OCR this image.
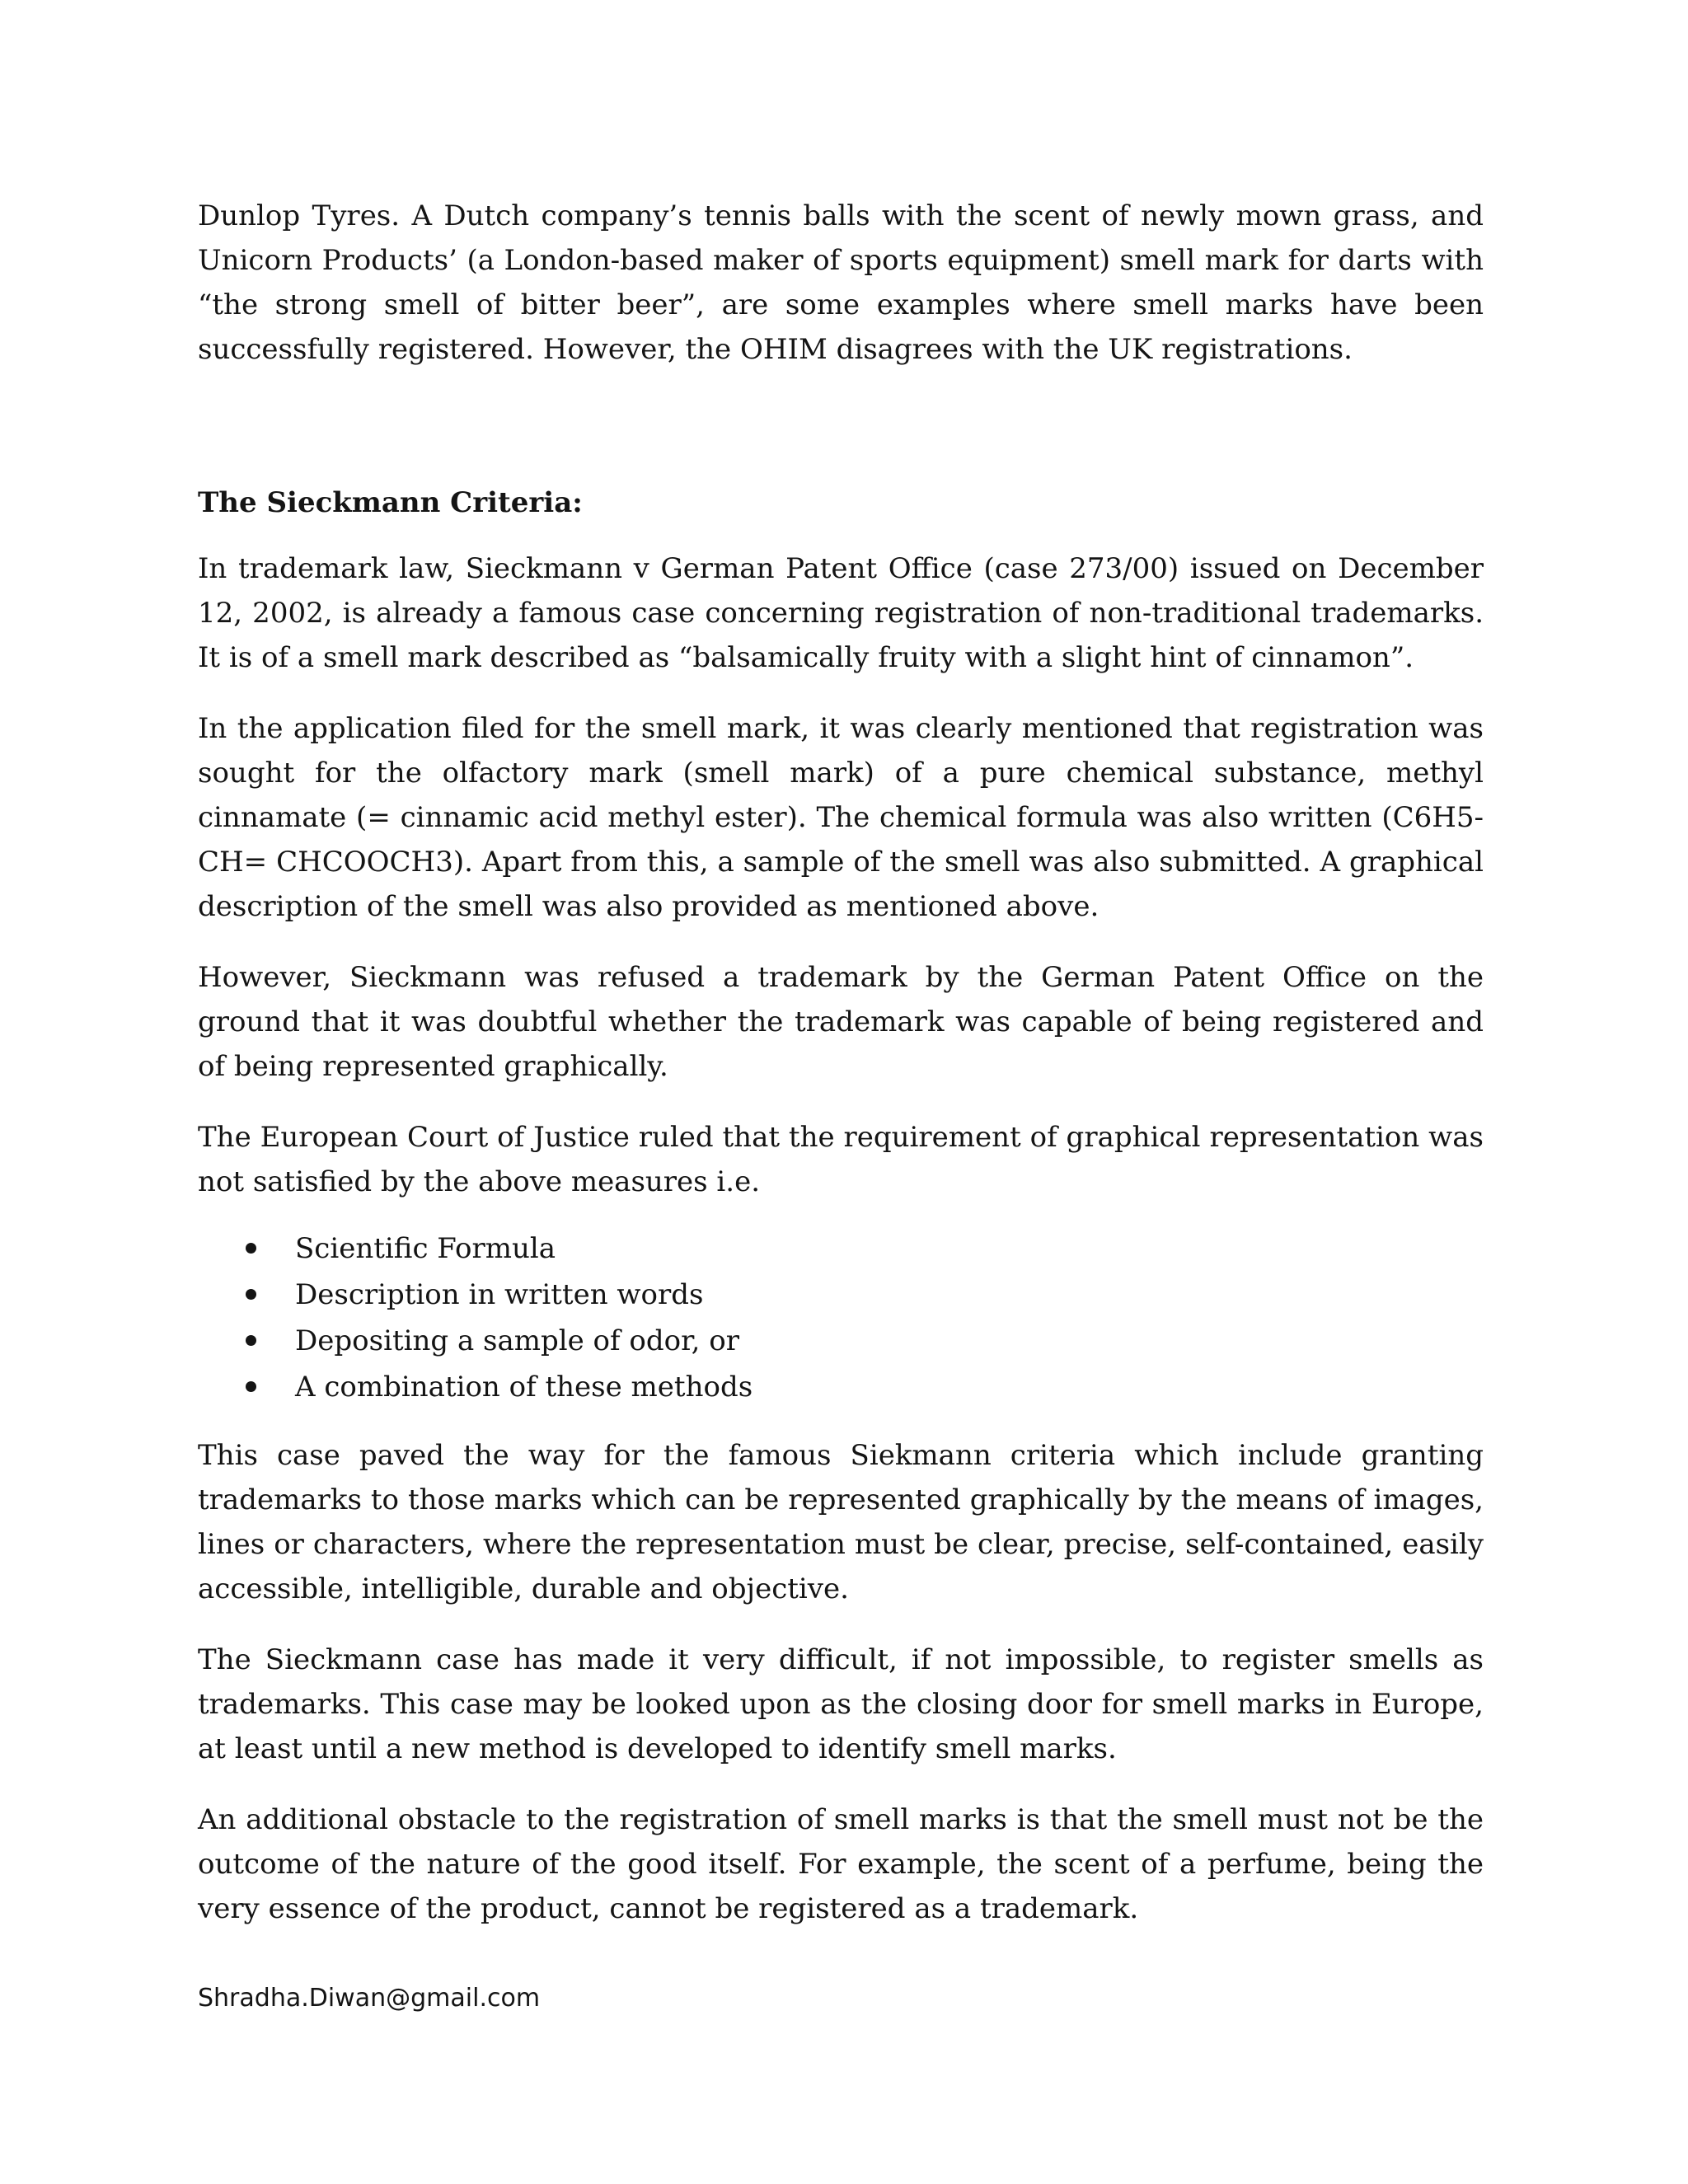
Dunlop Tyres. A Dutch company’s tennis balls with the scent of newly mown grass, and Unicorn Products’ (a London-based maker of sports equipment) smell mark for darts with “the strong smell of bitter beer”, are some examples where smell marks have been successfully registered. However, the OHIM disagrees with the UK registrations.

The Sieckmann Criteria:

In trademark law, Sieckmann v German Patent Office (case 273/00) issued on December 12, 2002, is already a famous case concerning registration of non-traditional trademarks. It is of a smell mark described as “balsamically fruity with a slight hint of cinnamon”.

In the application filed for the smell mark, it was clearly mentioned that registration was sought for the olfactory mark (smell mark) of a pure chemical substance, methyl cinnamate (= cinnamic acid methyl ester). The chemical formula was also written (C6H5-CH= CHCOOCH3). Apart from this, a sample of the smell was also submitted. A graphical description of the smell was also provided as mentioned above.

However, Sieckmann was refused a trademark by the German Patent Office on the ground that it was doubtful whether the trademark was capable of being registered and of being represented graphically.

The European Court of Justice ruled that the requirement of graphical representation was not satisfied by the above measures i.e.

Scientific Formula
Description in written words
Depositing a sample of odor, or
A combination of these methods

This case paved the way for the famous Siekmann criteria which include granting trademarks to those marks which can be represented graphically by the means of images, lines or characters, where the representation must be clear, precise, self-contained, easily accessible, intelligible, durable and objective.

The Sieckmann case has made it very difficult, if not impossible, to register smells as trademarks. This case may be looked upon as the closing door for smell marks in Europe, at least until a new method is developed to identify smell marks.

An additional obstacle to the registration of smell marks is that the smell must not be the outcome of the nature of the good itself. For example, the scent of a perfume, being the very essence of the product, cannot be registered as a trademark.

Shradha.Diwan@gmail.com
